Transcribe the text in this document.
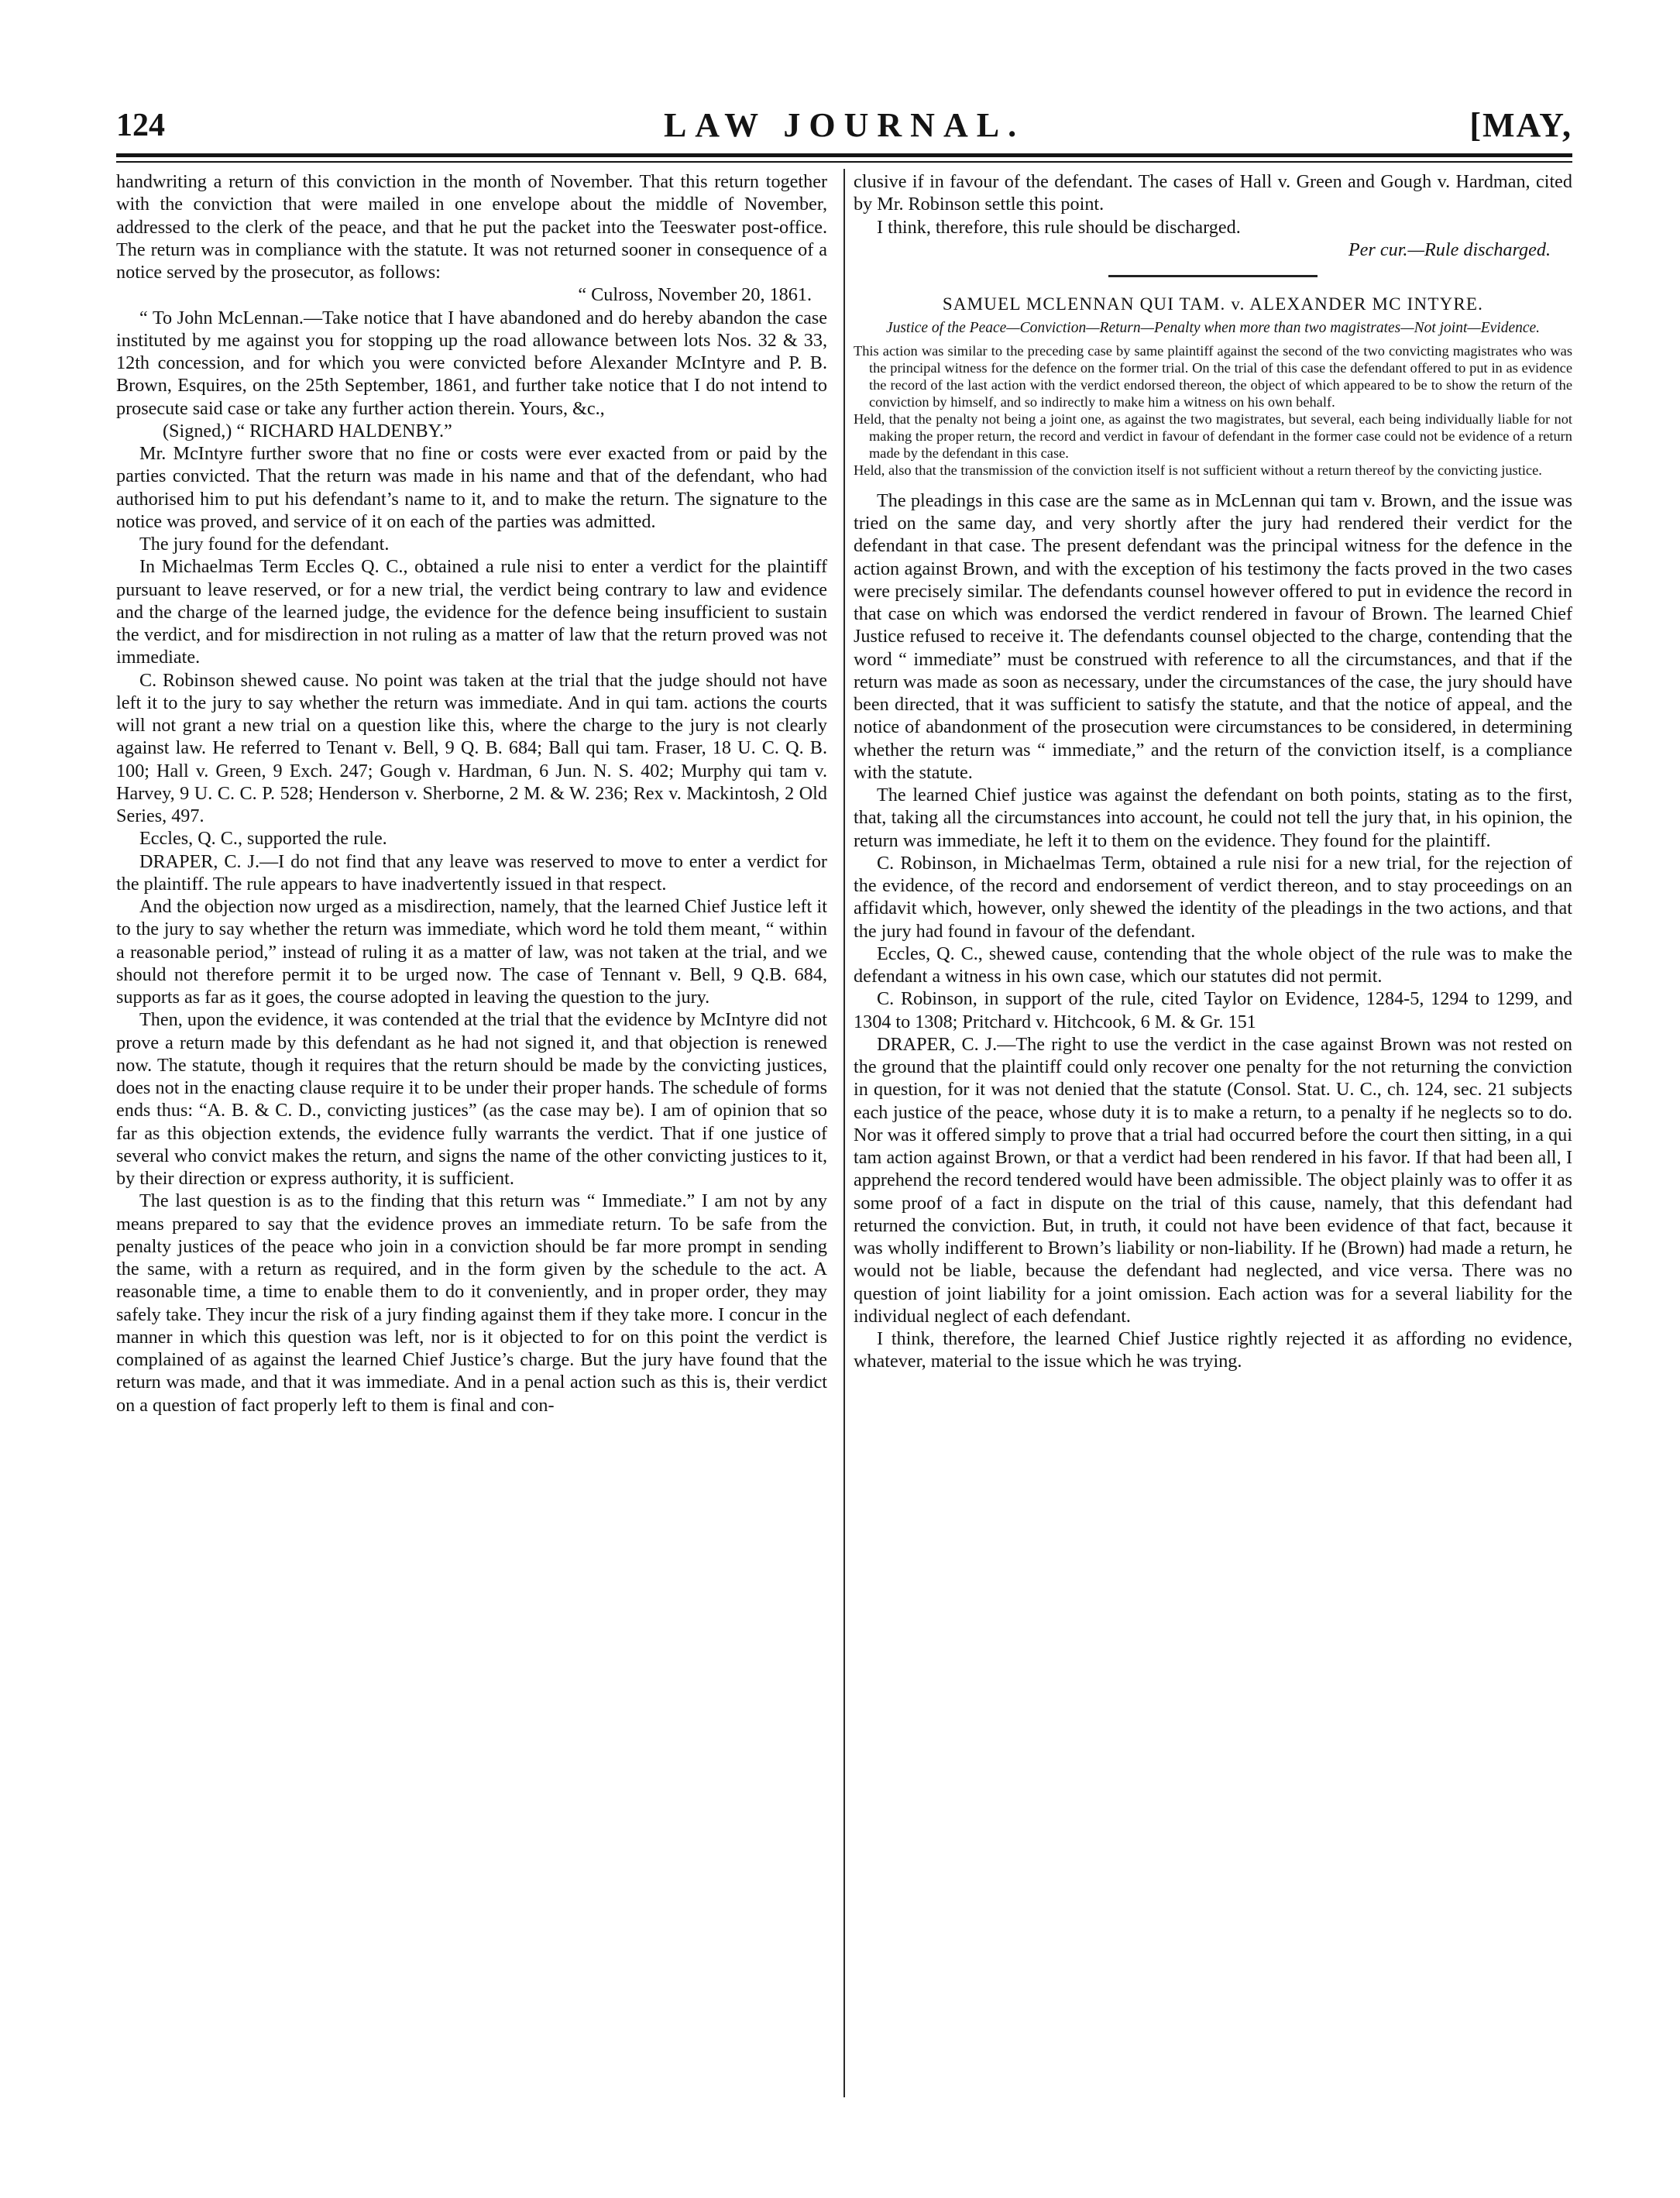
124	LAW JOURNAL.	[MAY,

handwriting a return of this conviction in the month of November. That this return together with the conviction that were mailed in one envelope about the middle of November, addressed to the clerk of the peace, and that he put the packet into the Teeswater post-office. The return was in compliance with the statute. It was not returned sooner in consequence of a notice served by the prosecutor, as follows:

“ Culross, November 20, 1861.

“ To John McLennan.—Take notice that I have abandoned and do hereby abandon the case instituted by me against you for stopping up the road allowance between lots Nos. 32 & 33, 12th concession, and for which you were convicted before Alexander McIntyre and P. B. Brown, Esquires, on the 25th September, 1861, and further take notice that I do not intend to prosecute said case or take any further action therein. Yours, &c.,

(Signed,) “ RICHARD HALDENBY.”

Mr. McIntyre further swore that no fine or costs were ever exacted from or paid by the parties convicted. That the return was made in his name and that of the defendant, who had authorised him to put his defendant’s name to it, and to make the return. The signature to the notice was proved, and service of it on each of the parties was admitted.

The jury found for the defendant.

In Michaelmas Term Eccles Q. C., obtained a rule nisi to enter a verdict for the plaintiff pursuant to leave reserved, or for a new trial, the verdict being contrary to law and evidence and the charge of the learned judge, the evidence for the defence being insufficient to sustain the verdict, and for misdirection in not ruling as a matter of law that the return proved was not immediate.

C. Robinson shewed cause. No point was taken at the trial that the judge should not have left it to the jury to say whether the return was immediate. And in qui tam. actions the courts will not grant a new trial on a question like this, where the charge to the jury is not clearly against law. He referred to Tenant v. Bell, 9 Q. B. 684; Ball qui tam. Fraser, 18 U. C. Q. B. 100; Hall v. Green, 9 Exch. 247; Gough v. Hardman, 6 Jun. N. S. 402; Murphy qui tam v. Harvey, 9 U. C. C. P. 528; Henderson v. Sherborne, 2 M. & W. 236; Rex v. Mackintosh, 2 Old Series, 497.

Eccles, Q. C., supported the rule.

DRAPER, C. J.—I do not find that any leave was reserved to move to enter a verdict for the plaintiff. The rule appears to have inadvertently issued in that respect.

And the objection now urged as a misdirection, namely, that the learned Chief Justice left it to the jury to say whether the return was immediate, which word he told them meant, “ within a reasonable period,” instead of ruling it as a matter of law, was not taken at the trial, and we should not therefore permit it to be urged now. The case of Tennant v. Bell, 9 Q.B. 684, supports as far as it goes, the course adopted in leaving the question to the jury.

Then, upon the evidence, it was contended at the trial that the evidence by McIntyre did not prove a return made by this defendant as he had not signed it, and that objection is renewed now. The statute, though it requires that the return should be made by the convicting justices, does not in the enacting clause require it to be under their proper hands. The schedule of forms ends thus: “A. B. & C. D., convicting justices” (as the case may be). I am of opinion that so far as this objection extends, the evidence fully warrants the verdict. That if one justice of several who convict makes the return, and signs the name of the other convicting justices to it, by their direction or express authority, it is sufficient.

The last question is as to the finding that this return was “ Immediate.” I am not by any means prepared to say that the evidence proves an immediate return. To be safe from the penalty justices of the peace who join in a conviction should be far more prompt in sending the same, with a return as required, and in the form given by the schedule to the act. A reasonable time, a time to enable them to do it conveniently, and in proper order, they may safely take. They incur the risk of a jury finding against them if they take more. I concur in the manner in which this question was left, nor is it objected to for on this point the verdict is complained of as against the learned Chief Justice’s charge. But the jury have found that the return was made, and that it was immediate. And in a penal action such as this is, their verdict on a question of fact properly left to them is final and con-

clusive if in favour of the defendant. The cases of Hall v. Green and Gough v. Hardman, cited by Mr. Robinson settle this point.

I think, therefore, this rule should be discharged.

Per cur.—Rule discharged.

SAMUEL MCLENNAN QUI TAM. v. ALEXANDER MC INTYRE.
Justice of the Peace—Conviction—Return—Penalty when more than two magistrates—Not joint—Evidence.

This action was similar to the preceding case by same plaintiff against the second of the two convicting magistrates who was the principal witness for the defence on the former trial. On the trial of this case the defendant offered to put in as evidence the record of the last action with the verdict endorsed thereon, the object of which appeared to be to show the return of the conviction by himself, and so indirectly to make him a witness on his own behalf.

Held, that the penalty not being a joint one, as against the two magistrates, but several, each being individually liable for not making the proper return, the record and verdict in favour of defendant in the former case could not be evidence of a return made by the defendant in this case.

Held, also that the transmission of the conviction itself is not sufficient without a return thereof by the convicting justice.

The pleadings in this case are the same as in McLennan qui tam v. Brown, and the issue was tried on the same day, and very shortly after the jury had rendered their verdict for the defendant in that case. The present defendant was the principal witness for the defence in the action against Brown, and with the exception of his testimony the facts proved in the two cases were precisely similar. The defendants counsel however offered to put in evidence the record in that case on which was endorsed the verdict rendered in favour of Brown. The learned Chief Justice refused to receive it. The defendants counsel objected to the charge, contending that the word “ immediate” must be construed with reference to all the circumstances, and that if the return was made as soon as necessary, under the circumstances of the case, the jury should have been directed, that it was sufficient to satisfy the statute, and that the notice of appeal, and the notice of abandonment of the prosecution were circumstances to be considered, in determining whether the return was “ immediate,” and the return of the conviction itself, is a compliance with the statute.

The learned Chief justice was against the defendant on both points, stating as to the first, that, taking all the circumstances into account, he could not tell the jury that, in his opinion, the return was immediate, he left it to them on the evidence. They found for the plaintiff.

C. Robinson, in Michaelmas Term, obtained a rule nisi for a new trial, for the rejection of the evidence, of the record and endorsement of verdict thereon, and to stay proceedings on an affidavit which, however, only shewed the identity of the pleadings in the two actions, and that the jury had found in favour of the defendant.

Eccles, Q. C., shewed cause, contending that the whole object of the rule was to make the defendant a witness in his own case, which our statutes did not permit.

C. Robinson, in support of the rule, cited Taylor on Evidence, 1284-5, 1294 to 1299, and 1304 to 1308; Pritchard v. Hitchcook, 6 M. & Gr. 151

DRAPER, C. J.—The right to use the verdict in the case against Brown was not rested on the ground that the plaintiff could only recover one penalty for the not returning the conviction in question, for it was not denied that the statute (Consol. Stat. U. C., ch. 124, sec. 21 subjects each justice of the peace, whose duty it is to make a return, to a penalty if he neglects so to do. Nor was it offered simply to prove that a trial had occurred before the court then sitting, in a qui tam action against Brown, or that a verdict had been rendered in his favor. If that had been all, I apprehend the record tendered would have been admissible. The object plainly was to offer it as some proof of a fact in dispute on the trial of this cause, namely, that this defendant had returned the conviction. But, in truth, it could not have been evidence of that fact, because it was wholly indifferent to Brown’s liability or non-liability. If he (Brown) had made a return, he would not be liable, because the defendant had neglected, and vice versa. There was no question of joint liability for a joint omission. Each action was for a several liability for the individual neglect of each defendant.

I think, therefore, the learned Chief Justice rightly rejected it as affording no evidence, whatever, material to the issue which he was trying.
